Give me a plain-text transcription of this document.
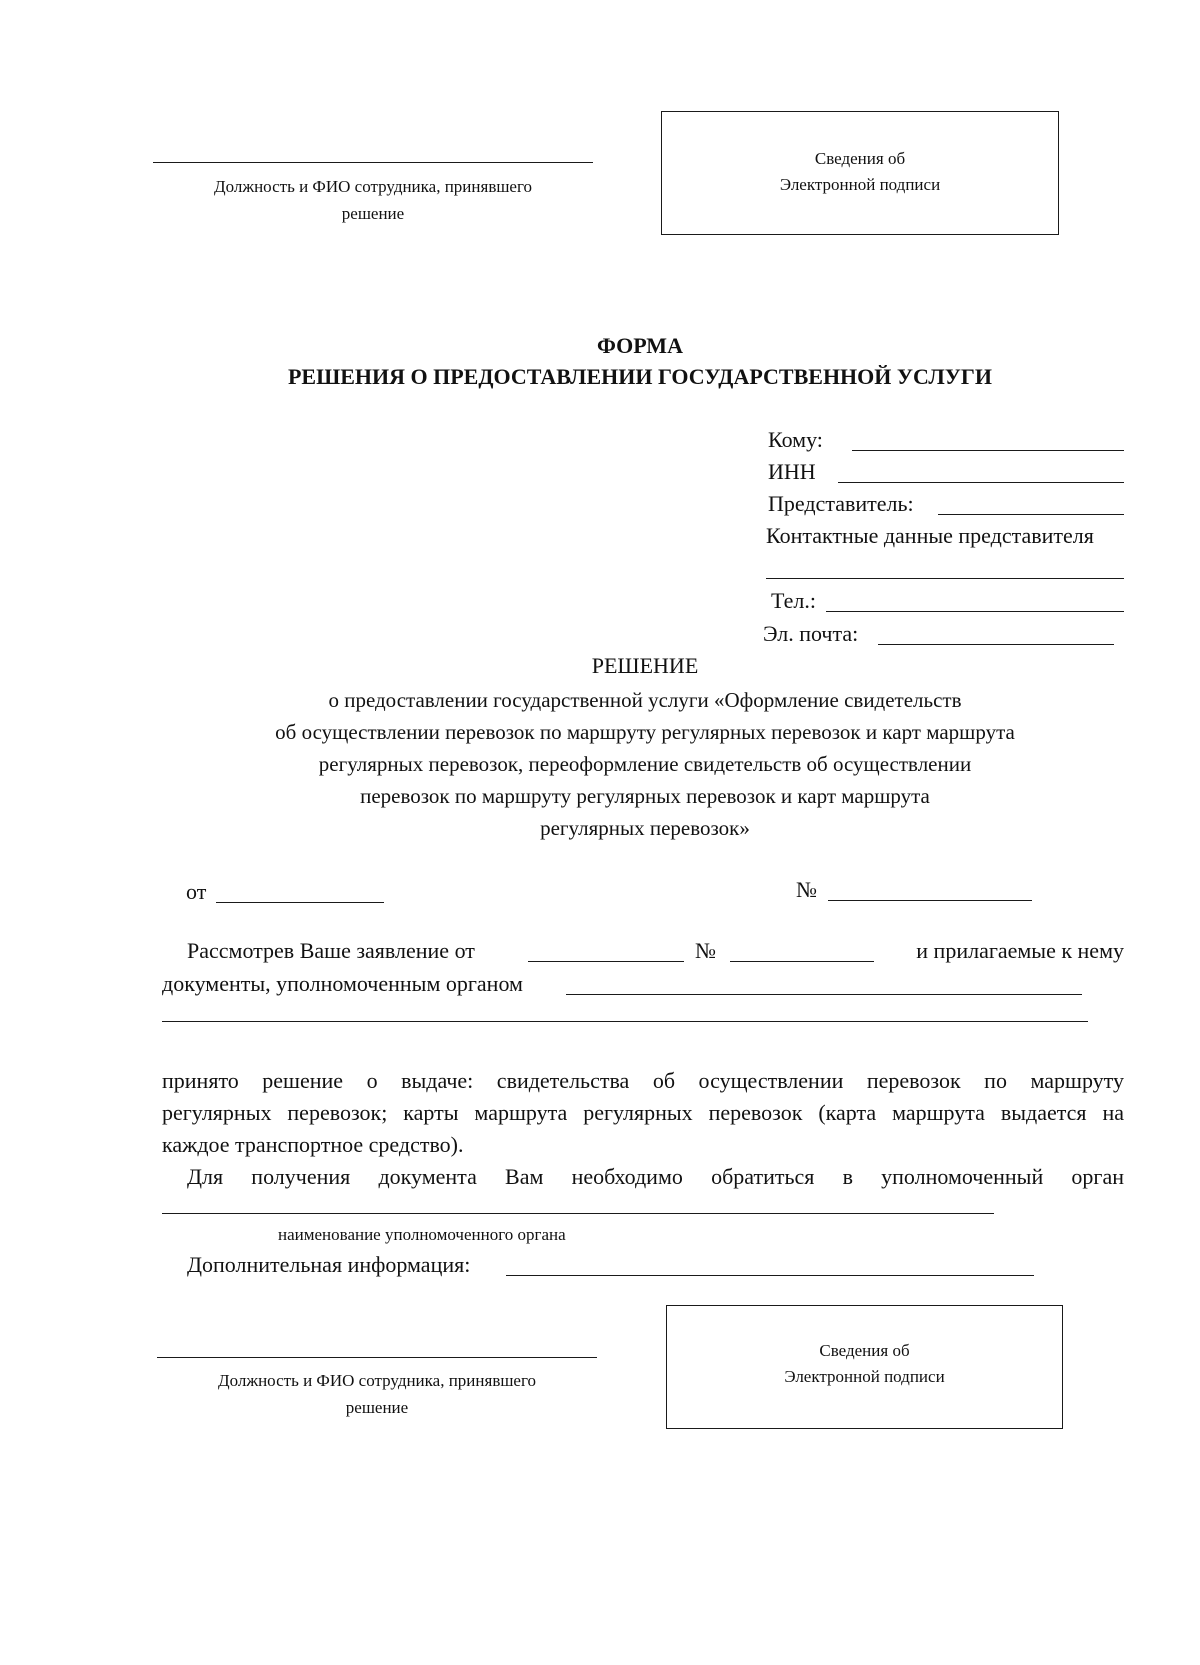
Должность и ФИО сотрудника, принявшего
решение
Сведения об
Электронной подписи
ФОРМА
РЕШЕНИЯ О ПРЕДОСТАВЛЕНИИ ГОСУДАРСТВЕННОЙ УСЛУГИ
Кому:
ИНН
Представитель:
Контактные данные представителя
Тел.:
Эл. почта:
РЕШЕНИЕ
о предоставлении государственной услуги «Оформление свидетельств
об осуществлении перевозок по маршруту регулярных перевозок и карт маршрута
регулярных перевозок, переоформление свидетельств об осуществлении
перевозок по маршруту регулярных перевозок и карт маршрута
регулярных перевозок»
от	№
Рассмотрев Ваше заявление от	№	и прилагаемые к нему
документы, уполномоченным органом
принято решение о выдаче: свидетельства об осуществлении перевозок по маршруту
регулярных перевозок; карты маршрута регулярных перевозок (карта маршрута выдается на
каждое транспортное средство).
Для получения документа Вам необходимо обратиться в уполномоченный орган
наименование уполномоченного органа
Дополнительная информация:
Должность и ФИО сотрудника, принявшего
решение
Сведения об
Электронной подписи
